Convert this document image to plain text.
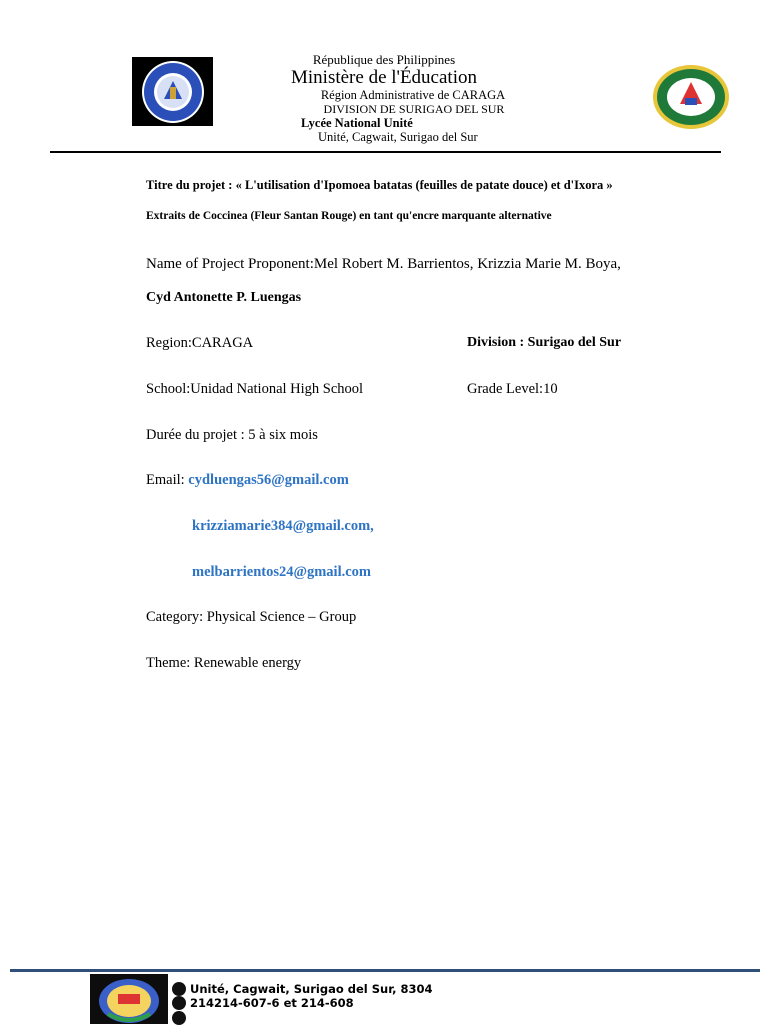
République des Philippines
Ministère de l'Éducation
Région Administrative de CARAGA
DIVISION DE SURIGAO DEL SUR
Lycée National Unité
Unité, Cagwait, Surigao del Sur
Titre du projet : « L'utilisation d'Ipomoea batatas (feuilles de patate douce) et d'Ixora »
Extraits de Coccinea (Fleur Santan Rouge) en tant qu'encre marquante alternative
Name of Project Proponent:Mel Robert M. Barrientos, Krizzia Marie M. Boya,
Cyd Antonette P. Luengas
Region:CARAGA	Division : Surigao del Sur
School:Unidad National High School	Grade Level:10
Durée du projet : 5 à six mois
Email: cydluengas56@gmail.com
krizziamarie384@gmail.com,
melbarrientos24@gmail.com
Category: Physical Science – Group
Theme: Renewable energy
Unité, Cagwait, Surigao del Sur, 8304
214214-607-6 et 214-608
